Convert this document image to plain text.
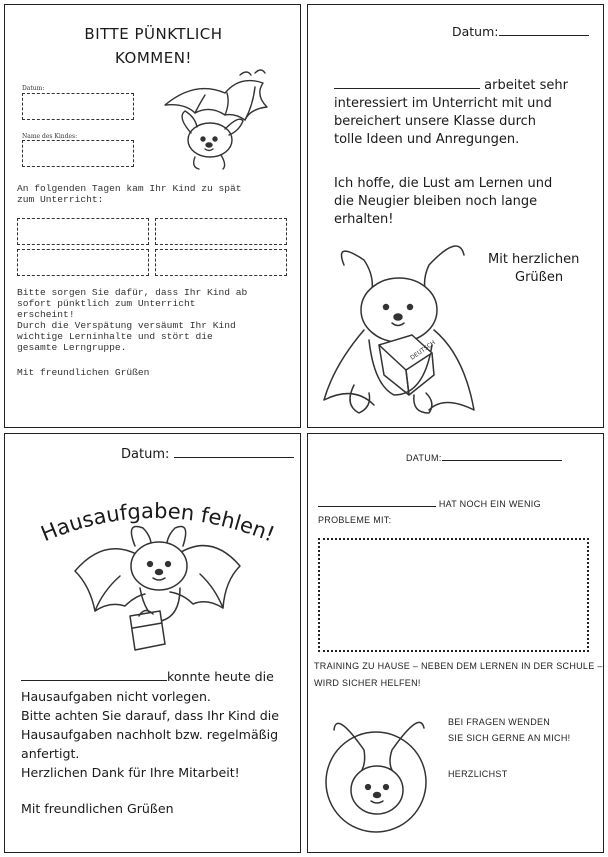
BITTE PÜNKTLICH
KOMMEN!
Datum:
Name des Kindes:
An folgenden Tagen kam Ihr Kind zu spät
zum Unterricht:
Bitte sorgen Sie dafür, dass Ihr Kind ab
sofort pünktlich zum Unterricht
erscheint!
Durch die Verspätung versäumt Ihr Kind
wichtige Lerninhalte und stört die
gesamte Lerngruppe.
Mit freundlichen Grüßen
Datum:
arbeitet sehr
interessiert im Unterricht mit und
bereichert unsere Klasse durch
tolle Ideen und Anregungen.
Ich hoffe, die Lust am Lernen und
die Neugier bleiben noch lange
erhalten!
Mit herzlichen
Grüßen
DEUTSCH
Datum:
Hausaufgaben fehlen!
konnte heute die
Hausaufgaben nicht vorlegen.
Bitte achten Sie darauf, dass Ihr Kind die
Hausaufgaben nachholt bzw. regelmäßig
anfertigt.
Herzlichen Dank für Ihre Mitarbeit!
Mit freundlichen Grüßen
DATUM:
HAT NOCH EIN WENIG
PROBLEME MIT:
TRAINING ZU HAUSE – NEBEN DEM LERNEN IN DER SCHULE –
WIRD SICHER HELFEN!
BEI FRAGEN WENDEN
SIE SICH GERNE AN MICH!
HERZLICHST
